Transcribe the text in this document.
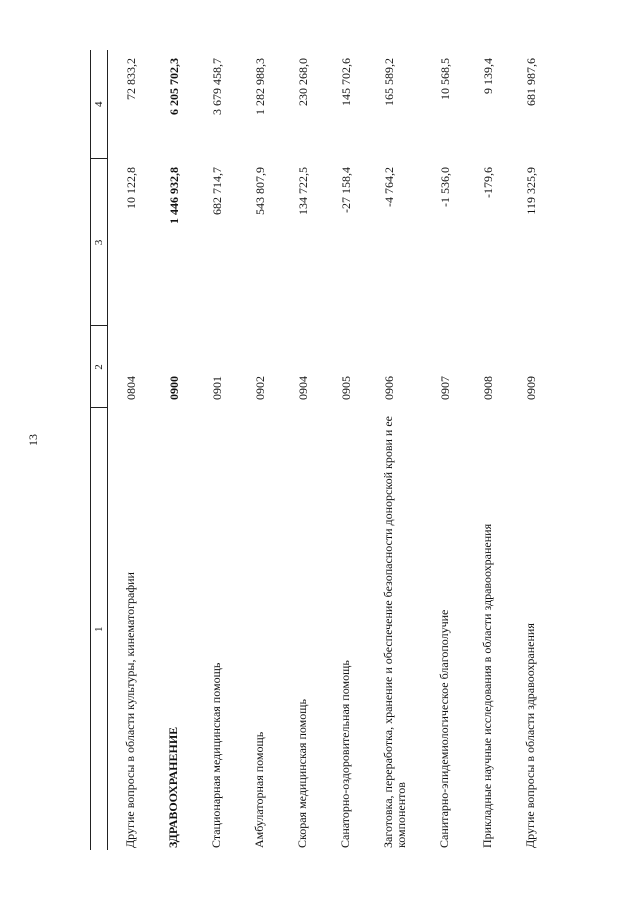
13
1	2	3	4
Другие вопросы в области культуры, кинематографии	0804	10 122,8	72 833,2
ЗДРАВООХРАНЕНИЕ	0900	1 446 932,8	6 205 702,3
Стационарная медицинская помощь	0901	682 714,7	3 679 458,7
Амбулаторная помощь	0902	543 807,9	1 282 988,3
Скорая медицинская помощь	0904	134 722,5	230 268,0
Санаторно-оздоровительная помощь	0905	-27 158,4	145 702,6
Заготовка, переработка, хранение и обеспечение безопасности донорской крови и ее компонентов	0906	-4 764,2	165 589,2
Санитарно-эпидемиологическое благополучие	0907	-1 536,0	10 568,5
Прикладные научные исследования в области здравоохранения	0908	-179,6	9 139,4
Другие вопросы в области здравоохранения	0909	119 325,9	681 987,6
